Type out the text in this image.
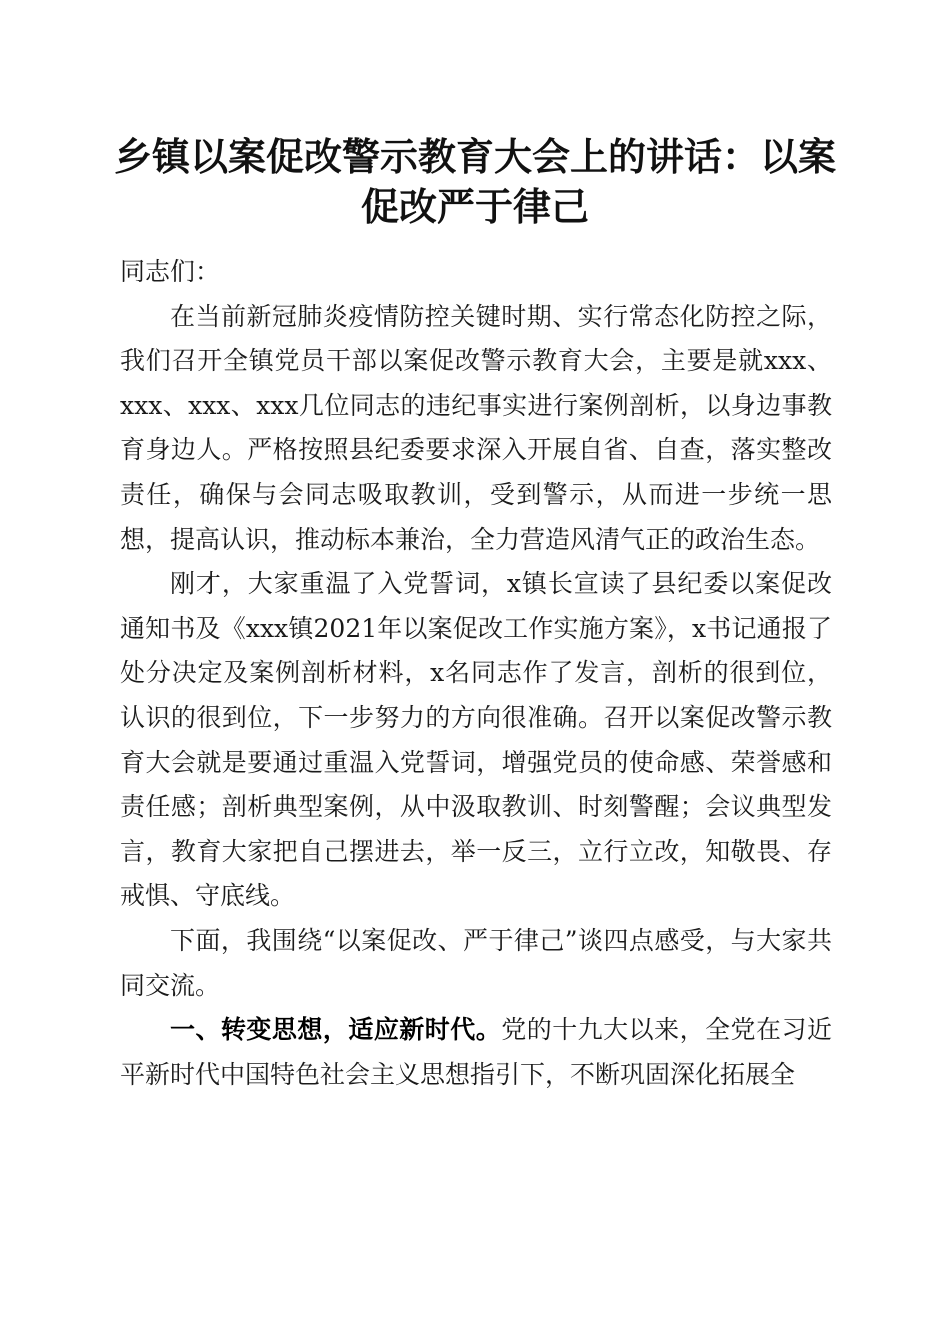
乡镇以案促改警示教育大会上的讲话：以案促改严于律己

同志们：

在当前新冠肺炎疫情防控关键时期、实行常态化防控之际，我们召开全镇党员干部以案促改警示教育大会，主要是就xxx、xxx、xxx、xxx几位同志的违纪事实进行案例剖析，以身边事教育身边人。严格按照县纪委要求深入开展自省、自查，落实整改责任，确保与会同志吸取教训，受到警示，从而进一步统一思想，提高认识，推动标本兼治，全力营造风清气正的政治生态。

刚才，大家重温了入党誓词，x镇长宣读了县纪委以案促改通知书及《xxx镇2021年以案促改工作实施方案》，x书记通报了处分决定及案例剖析材料，x名同志作了发言，剖析的很到位，认识的很到位，下一步努力的方向很准确。召开以案促改警示教育大会就是要通过重温入党誓词，增强党员的使命感、荣誉感和责任感；剖析典型案例，从中汲取教训、时刻警醒；会议典型发言，教育大家把自己摆进去，举一反三，立行立改，知敬畏、存戒惧、守底线。

下面，我围绕“以案促改、严于律己”谈四点感受，与大家共同交流。

一、转变思想，适应新时代。党的十九大以来，全党在习近平新时代中国特色社会主义思想指引下，不断巩固深化拓展全
